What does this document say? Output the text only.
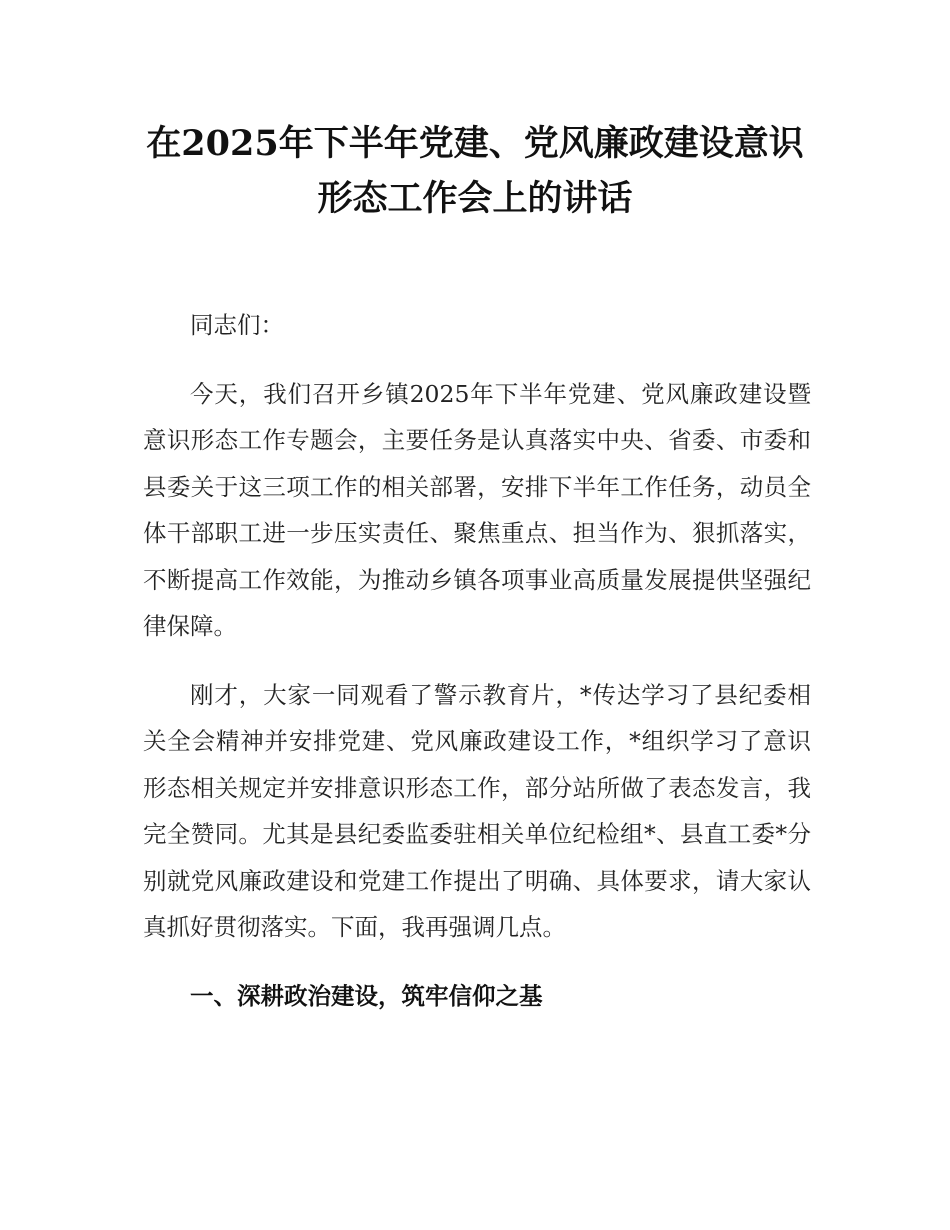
在2025年下半年党建、党风廉政建设意识形态工作会上的讲话

同志们：

今天，我们召开乡镇2025年下半年党建、党风廉政建设暨意识形态工作专题会，主要任务是认真落实中央、省委、市委和县委关于这三项工作的相关部署，安排下半年工作任务，动员全体干部职工进一步压实责任、聚焦重点、担当作为、狠抓落实，不断提高工作效能，为推动乡镇各项事业高质量发展提供坚强纪律保障。

刚才，大家一同观看了警示教育片，*传达学习了县纪委相关全会精神并安排党建、党风廉政建设工作，*组织学习了意识形态相关规定并安排意识形态工作，部分站所做了表态发言，我完全赞同。尤其是县纪委监委驻相关单位纪检组*、县直工委*分别就党风廉政建设和党建工作提出了明确、具体要求，请大家认真抓好贯彻落实。下面，我再强调几点。

一、深耕政治建设，筑牢信仰之基
